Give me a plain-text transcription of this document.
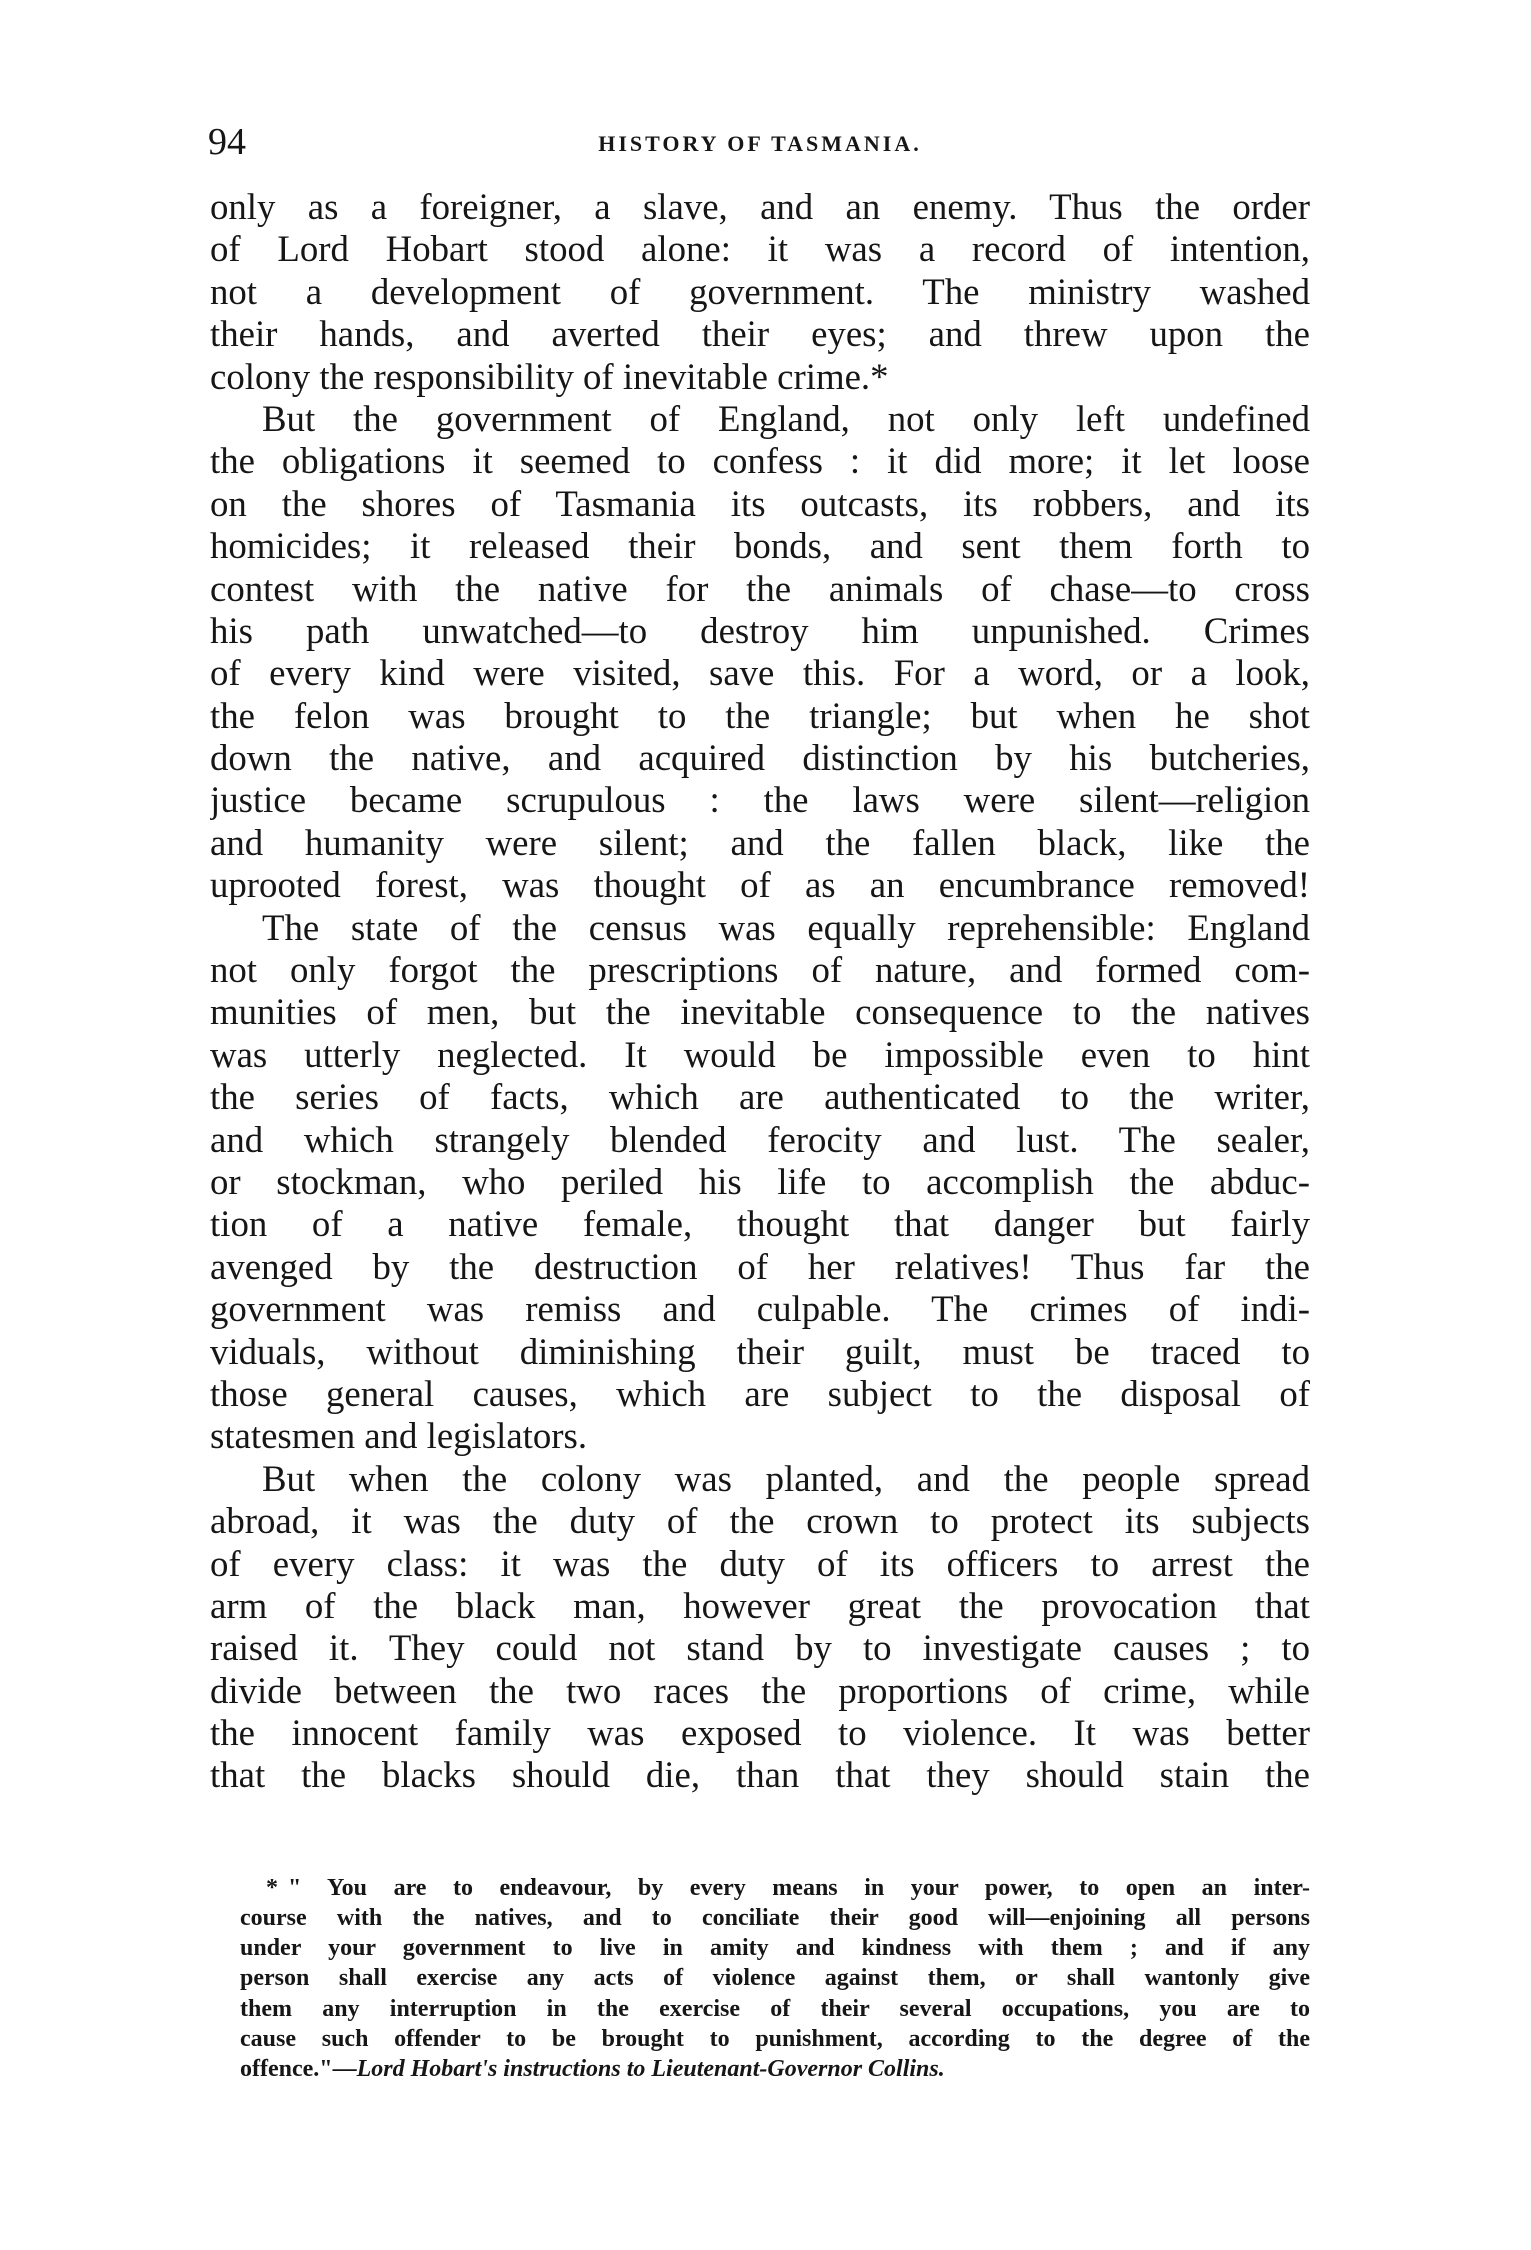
94	HISTORY OF TASMANIA.
only as a foreigner, a slave, and an enemy. Thus the order
of Lord Hobart stood alone: it was a record of intention,
not a development of government. The ministry washed
their hands, and averted their eyes; and threw upon the
colony the responsibility of inevitable crime.*
But the government of England, not only left undefined
the obligations it seemed to confess : it did more; it let loose
on the shores of Tasmania its outcasts, its robbers, and its
homicides; it released their bonds, and sent them forth to
contest with the native for the animals of chase—to cross
his path unwatched—to destroy him unpunished. Crimes
of every kind were visited, save this. For a word, or a look,
the felon was brought to the triangle; but when he shot
down the native, and acquired distinction by his butcheries,
justice became scrupulous : the laws were silent—religion
and humanity were silent; and the fallen black, like the
uprooted forest, was thought of as an encumbrance removed!
The state of the census was equally reprehensible: England
not only forgot the prescriptions of nature, and formed com-
munities of men, but the inevitable consequence to the natives
was utterly neglected. It would be impossible even to hint
the series of facts, which are authenticated to the writer,
and which strangely blended ferocity and lust. The sealer,
or stockman, who periled his life to accomplish the abduc-
tion of a native female, thought that danger but fairly
avenged by the destruction of her relatives! Thus far the
government was remiss and culpable. The crimes of indi-
viduals, without diminishing their guilt, must be traced to
those general causes, which are subject to the disposal of
statesmen and legislators.
But when the colony was planted, and the people spread
abroad, it was the duty of the crown to protect its subjects
of every class: it was the duty of its officers to arrest the
arm of the black man, however great the provocation that
raised it. They could not stand by to investigate causes ; to
divide between the two races the proportions of crime, while
the innocent family was exposed to violence. It was better
that the blacks should die, than that they should stain the
* " You are to endeavour, by every means in your power, to open an inter-
course with the natives, and to conciliate their good will—enjoining all persons
under your government to live in amity and kindness with them ; and if any
person shall exercise any acts of violence against them, or shall wantonly give
them any interruption in the exercise of their several occupations, you are to
cause such offender to be brought to punishment, according to the degree of the
offence."—Lord Hobart's instructions to Lieutenant-Governor Collins.
